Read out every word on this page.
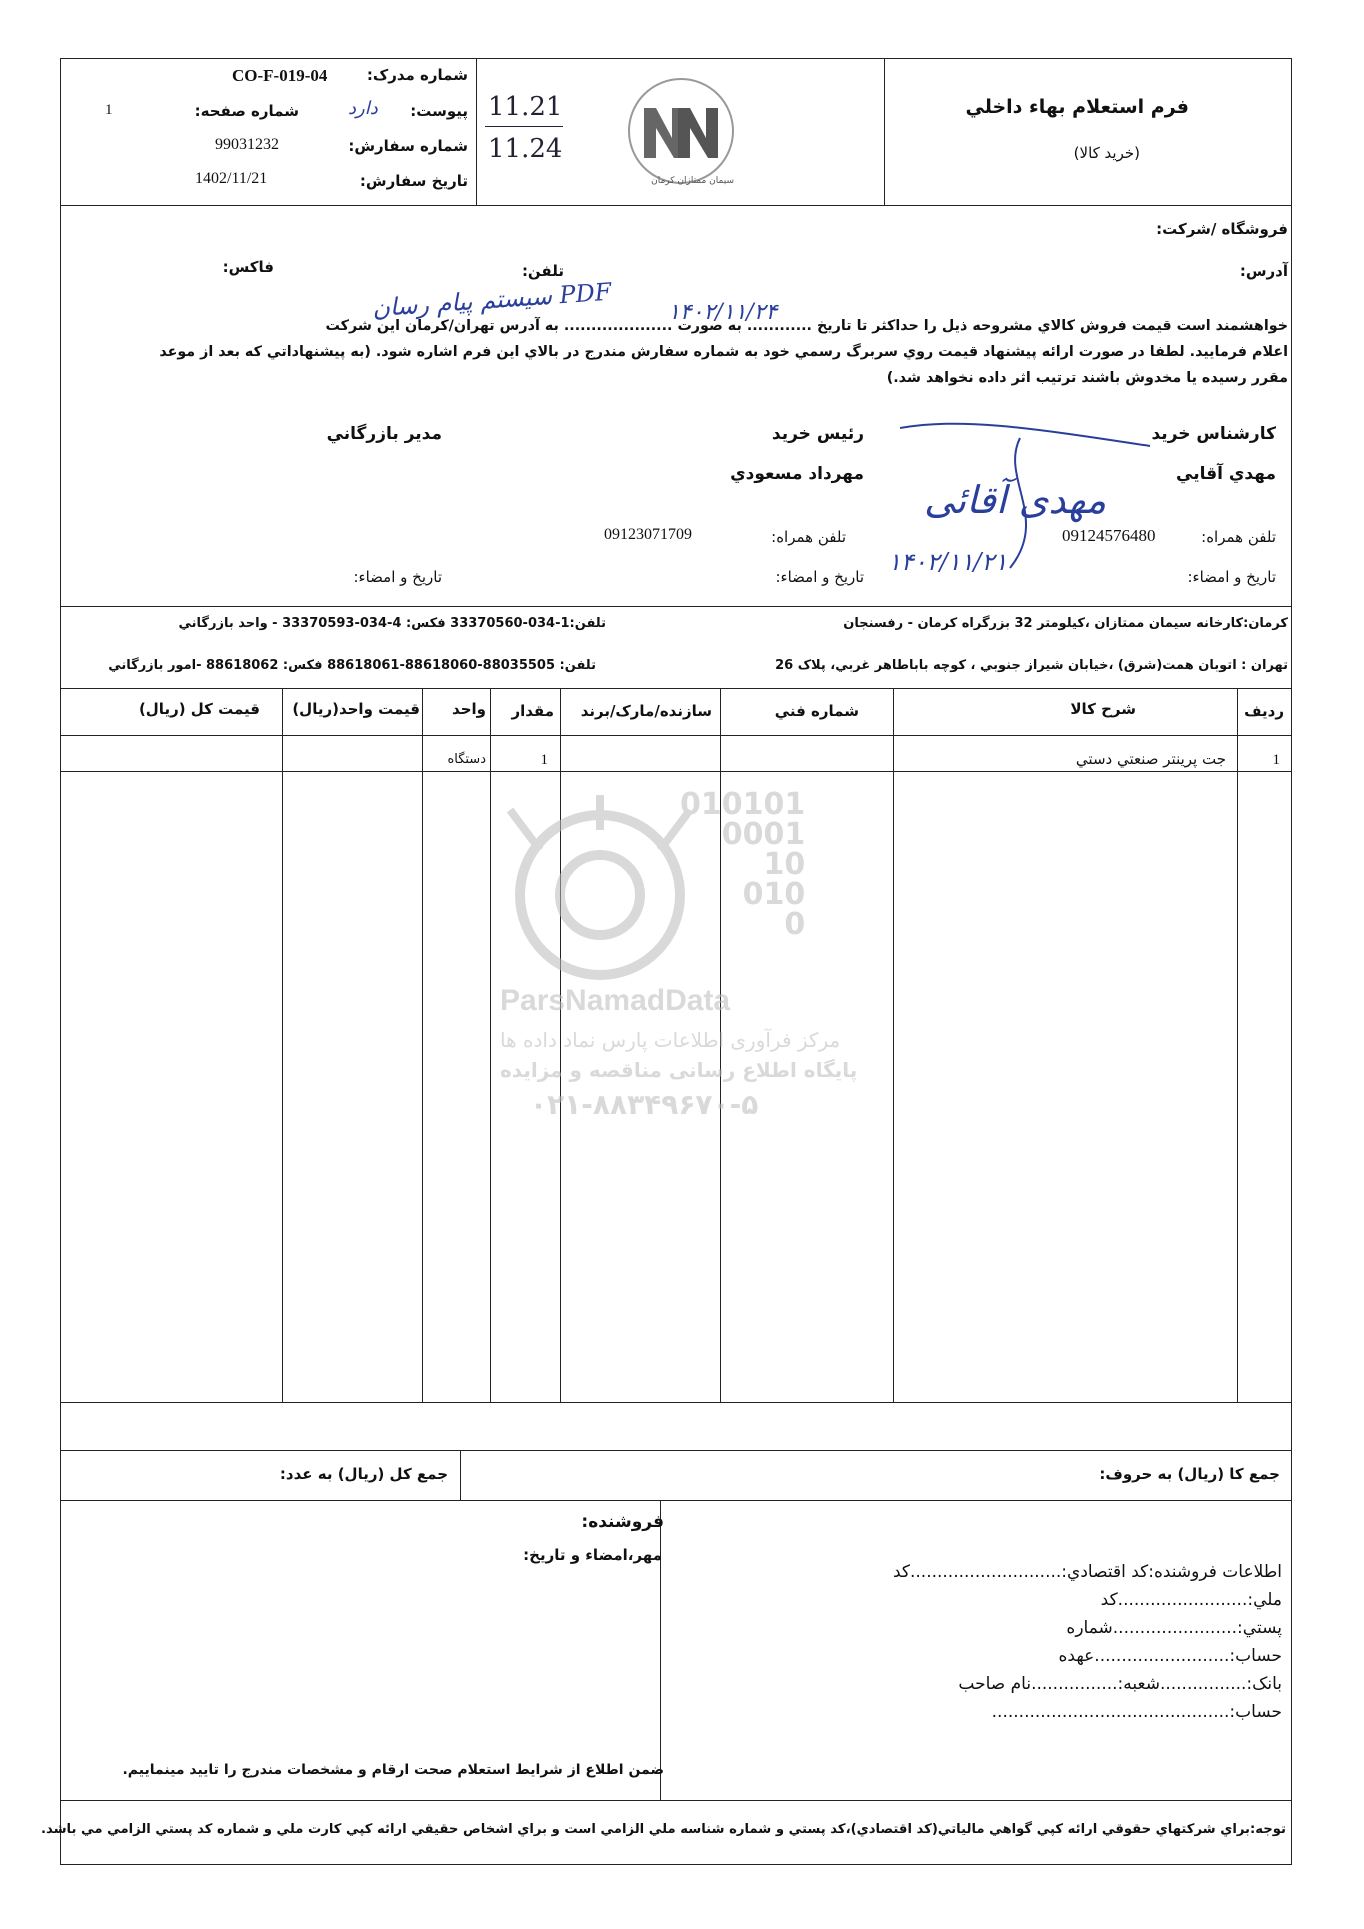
فرم استعلام بهاء داخلي
(خريد کالا)
سیمان ممتازان کرمان
11.21
11.24
شماره مدرک:
CO-F-019-04
پيوست:
دارد
شماره صفحه:
1
شماره سفارش:
99031232
تاريخ سفارش:
1402/11/21
فروشگاه /شرکت:
آدرس:
تلفن:
فاكس:
خواهشمند است قيمت فروش کالاي مشروحه ذيل را حداکثر تا تاريخ ............ به صورت .................... به آدرس تهران/کرمان اين شرکت
اعلام فرماييد. لطفا در صورت ارائه پيشنهاد قيمت روي سربرگ رسمي خود به شماره سفارش مندرج در بالاي اين فرم اشاره شود. (به پيشنهاداتي که بعد از موعد
مقرر رسيده يا مخدوش باشند ترتيب اثر داده نخواهد شد.)
۱۴۰۲/۱۱/۲۴
PDF سیستم پیام رسان
کارشناس خريد
مهدي آقايي
تلفن همراه:
09124576480
تاريخ و امضاء:
مهدی آقائی
۱۴۰۲/۱۱/۲۱
رئيس خريد
مهرداد مسعودي
تلفن همراه:
09123071709
تاريخ و امضاء:
مدير بازرگاني
تاريخ و امضاء:
کرمان:کارخانه سيمان ممتازان ،کيلومتر 32 بزرگراه کرمان - رفسنجان
تلفن:1-034-33370560 فکس: 4-034-33370593 - واحد بازرگاني
تهران : اتوبان همت(شرق) ،خيابان شيراز جنوبي ، کوچه باباطاهر غربي، پلاک 26
تلفن: 88035505-88618060-88618061 فکس: 88618062 -امور بازرگاني
رديف
شرح کالا
شماره فني
سازنده/مارک/برند
مقدار
واحد
قيمت واحد(ريال)
قيمت کل (ريال)
1
جت پرينتر صنعتي دستي
1
دستگاه
010101
0001
10
010
0
ParsNamadData
مرکز فرآوری اطلاعات پارس نماد داده ها
پایگاه اطلاع رسانی مناقصه و مزایده
۰۲۱-۸۸۳۴۹۶۷۰-۵
جمع کا (ريال) به حروف:
جمع کل (ريال) به عدد:
فروشنده:
مهر،امضاء و تاريخ:
ضمن اطلاع از شرايط استعلام صحت ارقام و مشخصات مندرج را تاييد مينماييم.
اطلاعات فروشنده:کد اقتصادي:............................کد
ملي:........................کد
پستي:.......................شماره
حساب:.........................عهده
بانک:................شعبه:................نام صاحب
حساب:............................................
توجه:براي شرکتهاي حقوقي ارائه کپي گواهي مالياتي(کد اقتصادي)،کد پستي و شماره شناسه ملي الزامي است و براي اشخاص حقيقي ارائه کپي کارت ملي و شماره کد پستي الزامي مي باشد.
